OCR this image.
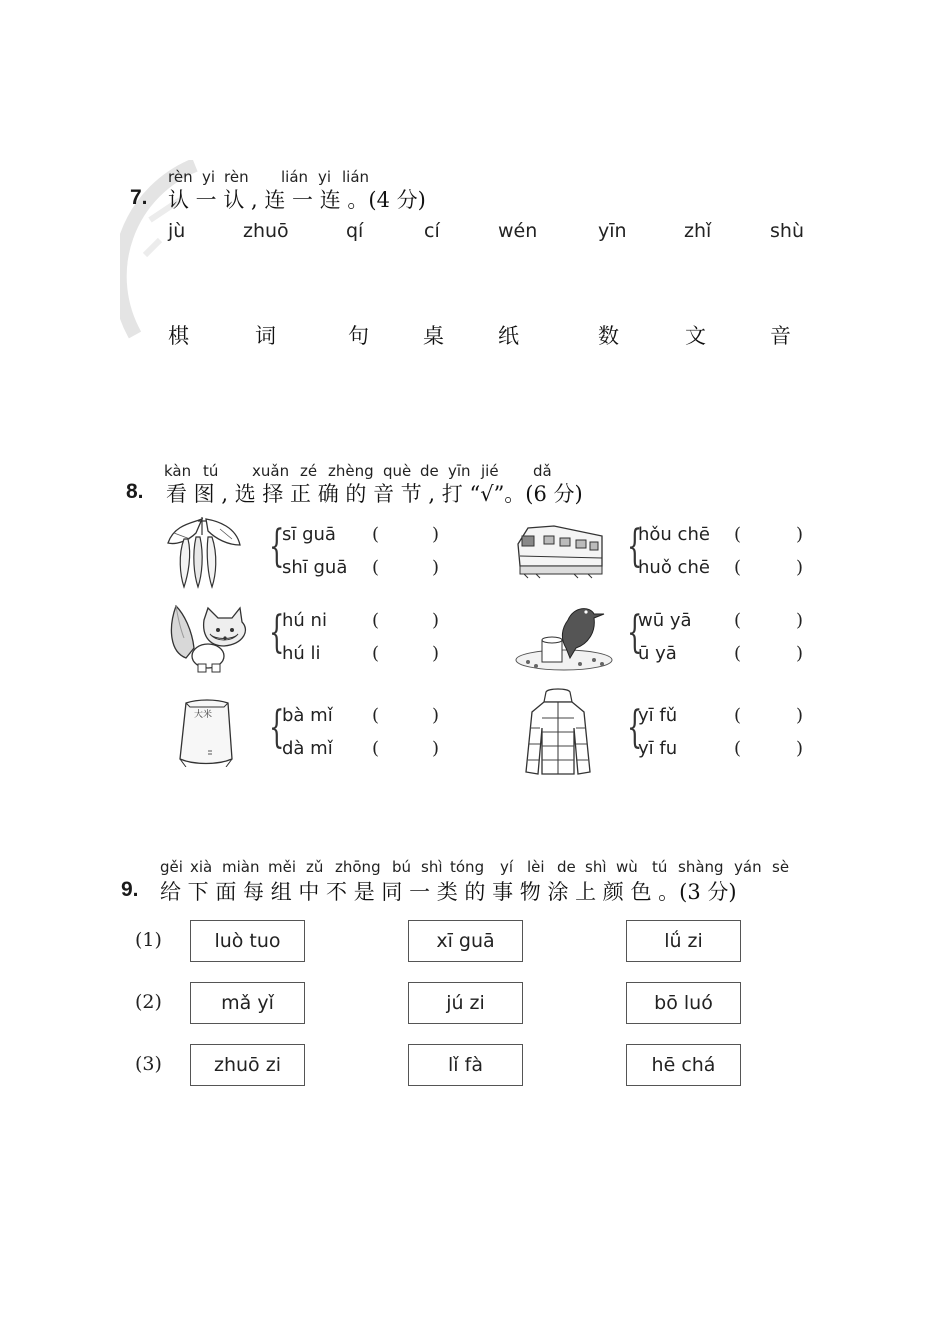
rèn yi rèn lián yi lián
7. 认 一 认 , 连 一 连 。(4 分)
jù	zhuō	qí	cí	wén	yīn	zhǐ	shù
棋	词	句	桌	纸	数	文	音
kàn tú xuǎn zé zhèng què de yīn jié dǎ
8. 看 图 , 选 择 正 确 的 音 节 , 打 “√”。(6 分)
{
sī guā (	)
shī guā (	)	{
hǒu chē (	)
huǒ chē (	)
{
hú ni	(	)
hú li	(	)	{
wū yā (	)
ū yā	(	)
大米 {
bà mǐ (	)
dà mǐ (	)	{
yī fǔ	(	)
yī fu	(	)
gěi xià miàn měi zǔ zhōng bú shì tóng yí lèi de shì wù tú shàng yán sè
9. 给 下 面 每 组 中 不 是 同 一 类 的 事 物 涂 上 颜 色 。(3 分)
(1)	luò tuo	xī guā	lǘ zi
(2)	mǎ yǐ	jú zi	bō luó
(3)	zhuō zi	lǐ fà	hē chá
